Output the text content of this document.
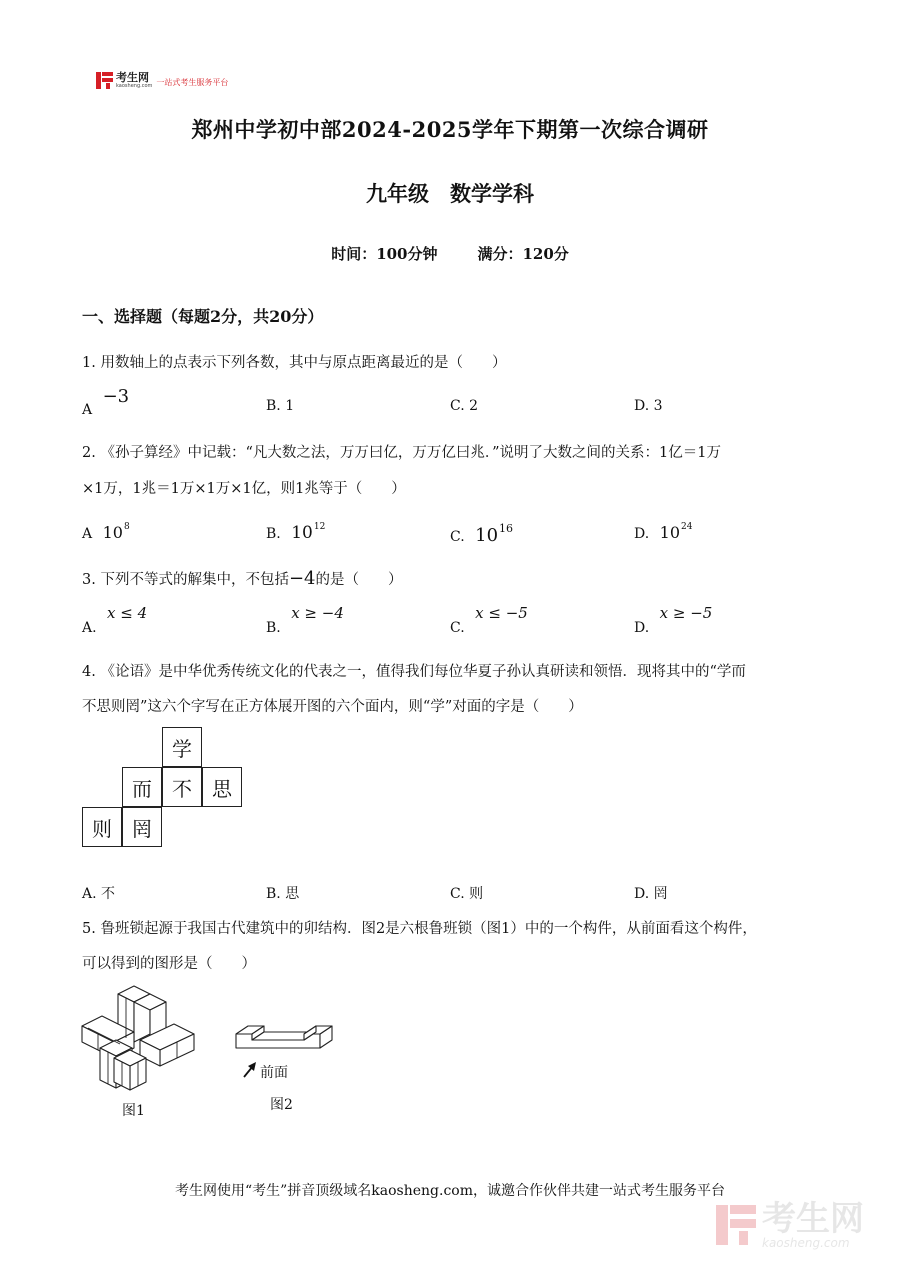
考生网
kaosheng.com 一站式考生服务平台
郑州中学初中部2024-2025学年下期第一次综合调研
九年级　数学学科
时间：100分钟	满分：120分
一、选择题（每题2分，共20分）
1. 用数轴上的点表示下列各数，其中与原点距离最近的是（　　）
A −3	B. 1	C. 2	D. 3
2. 《孙子算经》中记载：“凡大数之法，万万曰亿，万万亿曰兆．”说明了大数之间的关系：1亿＝1万
×1万，1兆＝1万×1万×1亿，则1兆等于（　　）
A $10^8$	B. $10^{12}$
C. $10^{16}$	D. $10^{24}$
3. 下列不等式的解集中，不包括−4的是（　　）
A. x ≤ 4
B. x ≥ −4
C. x ≤ −5
D. x ≥ −5
4. 《论语》是中华优秀传统文化的代表之一，值得我们每位华夏子孙认真研读和领悟．现将其中的“学而
不思则罔”这六个字写在正方体展开图的六个面内，则“学”对面的字是（　　）
学
而	不	思
则	罔
A. 不	B. 思	C. 则	D. 罔
5. 鲁班锁起源于我国古代建筑中的卯结构．图2是六根鲁班锁（图1）中的一个构件，从前面看这个构件，
可以得到的图形是（　　）
图1
前面
图2
考生网使用“考生”拼音顶级域名kaosheng.com，诚邀合作伙伴共建一站式考生服务平台
考生网
kaosheng.com
